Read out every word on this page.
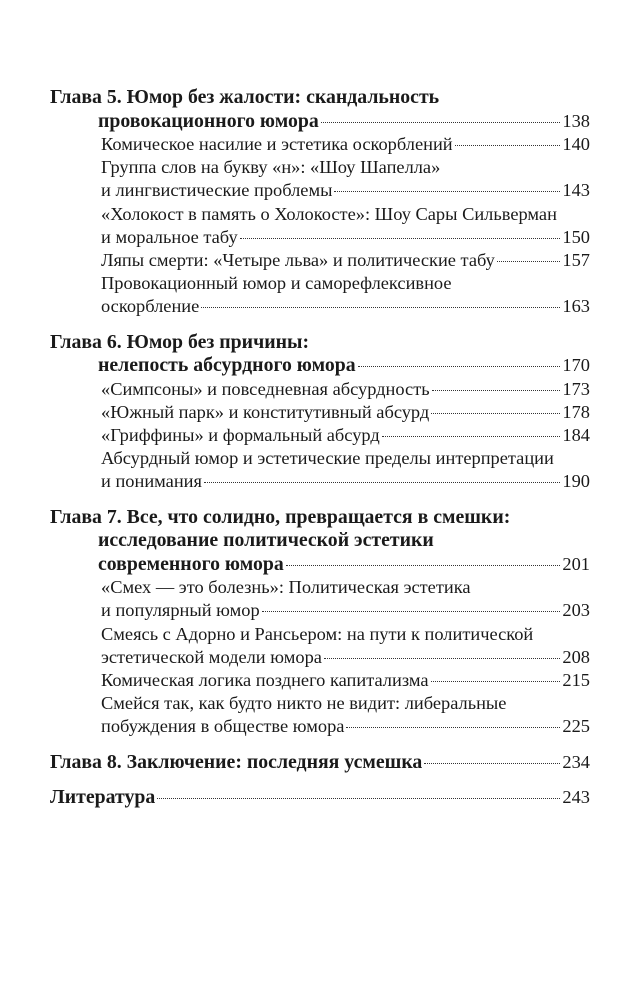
Глава 5. Юмор без жалости: скандальность
провокационного юмора	138
Комическое насилие и эстетика оскорблений	140
Группа слов на букву «н»: «Шоу Шапелла»
и лингвистические проблемы	143
«Холокост в память о Холокосте»: Шоу Сары Сильверман
и моральное табу	150
Ляпы смерти: «Четыре льва» и политические табу	157
Провокационный юмор и саморефлексивное
оскорбление	163
Глава 6. Юмор без причины:
нелепость абсурдного юмора	170
«Симпсоны» и повседневная абсурдность	173
«Южный парк» и конститутивный абсурд	178
«Гриффины» и формальный абсурд	184
Абсурдный юмор и эстетические пределы интерпретации
и понимания	190
Глава 7. Все, что солидно, превращается в смешки:
исследование политической эстетики
современного юмора	201
«Смех — это болезнь»: Политическая эстетика
и популярный юмор	203
Смеясь с Адорно и Рансьером: на пути к политической
эстетической модели юмора	208
Комическая логика позднего капитализма	215
Смейся так, как будто никто не видит: либеральные
побуждения в обществе юмора	225
Глава 8. Заключение: последняя усмешка	234
Литература	243
